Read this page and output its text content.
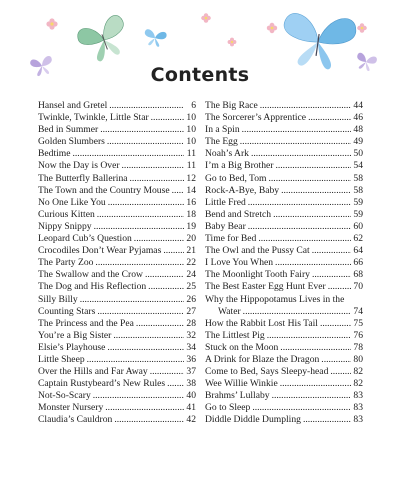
Contents
Hansel and Gretel . . .	6
Twinkle, Twinkle, Little Star . . .	10
Bed in Summer . . .	10
Golden Slumbers . . .	10
Bedtime . . .	11
Now the Day is Over . . .	11
The Butterfly Ballerina . . .	12
The Town and the Country Mouse . . . 14
No One Like You . . .	16
Curious Kitten . . .	18
Nippy Snippy . . .	19
Leopard Cub’s Question . . .	20
Crocodiles Don’t Wear Pyjamas . . .	21
The Party Zoo . . .	22
The Swallow and the Crow . . .	24
The Dog and His Reflection . . .	25
Silly Billy . . .	26
Counting Stars . . .	27
The Princess and the Pea . . .	28
You’re a Big Sister . . .	32
Elsie’s Playhouse . . .	34
Little Sheep . . .	36
Over the Hills and Far Away . . .	37
Captain Rustybeard’s New Rules . . . 38
Not-So-Scary . . .	40
Monster Nursery . . .	41
Claudia’s Cauldron . . .	42
The Big Race . . .	44
The Sorcerer’s Apprentice . . .	46
In a Spin . . .	48
The Egg . . .	49
Noah’s Ark . . .	50
I’m a Big Brother . . .	54
Go to Bed, Tom . . .	58
Rock-A-Bye, Baby . . .	58
Little Fred . . .	59
Bend and Stretch . . .	59
Baby Bear . . .	60
Time for Bed . . .	62
The Owl and the Pussy Cat . . .	64
I Love You When . . .	66
The Moonlight Tooth Fairy . . .	68
The Best Easter Egg Hunt Ever . . .	70
Why the Hippopotamus Lives in the
Water . . .	74
How the Rabbit Lost His Tail . . .	75
The Littlest Pig . . .	76
Stuck on the Moon . . .	78
A Drink for Blaze the Dragon . . .	80
Come to Bed, Says Sleepy-head . . .	82
Wee Willie Winkie . . .	82
Brahms’ Lullaby . . .	83
Go to Sleep . . .	83
Diddle Diddle Dumpling . . .	83
